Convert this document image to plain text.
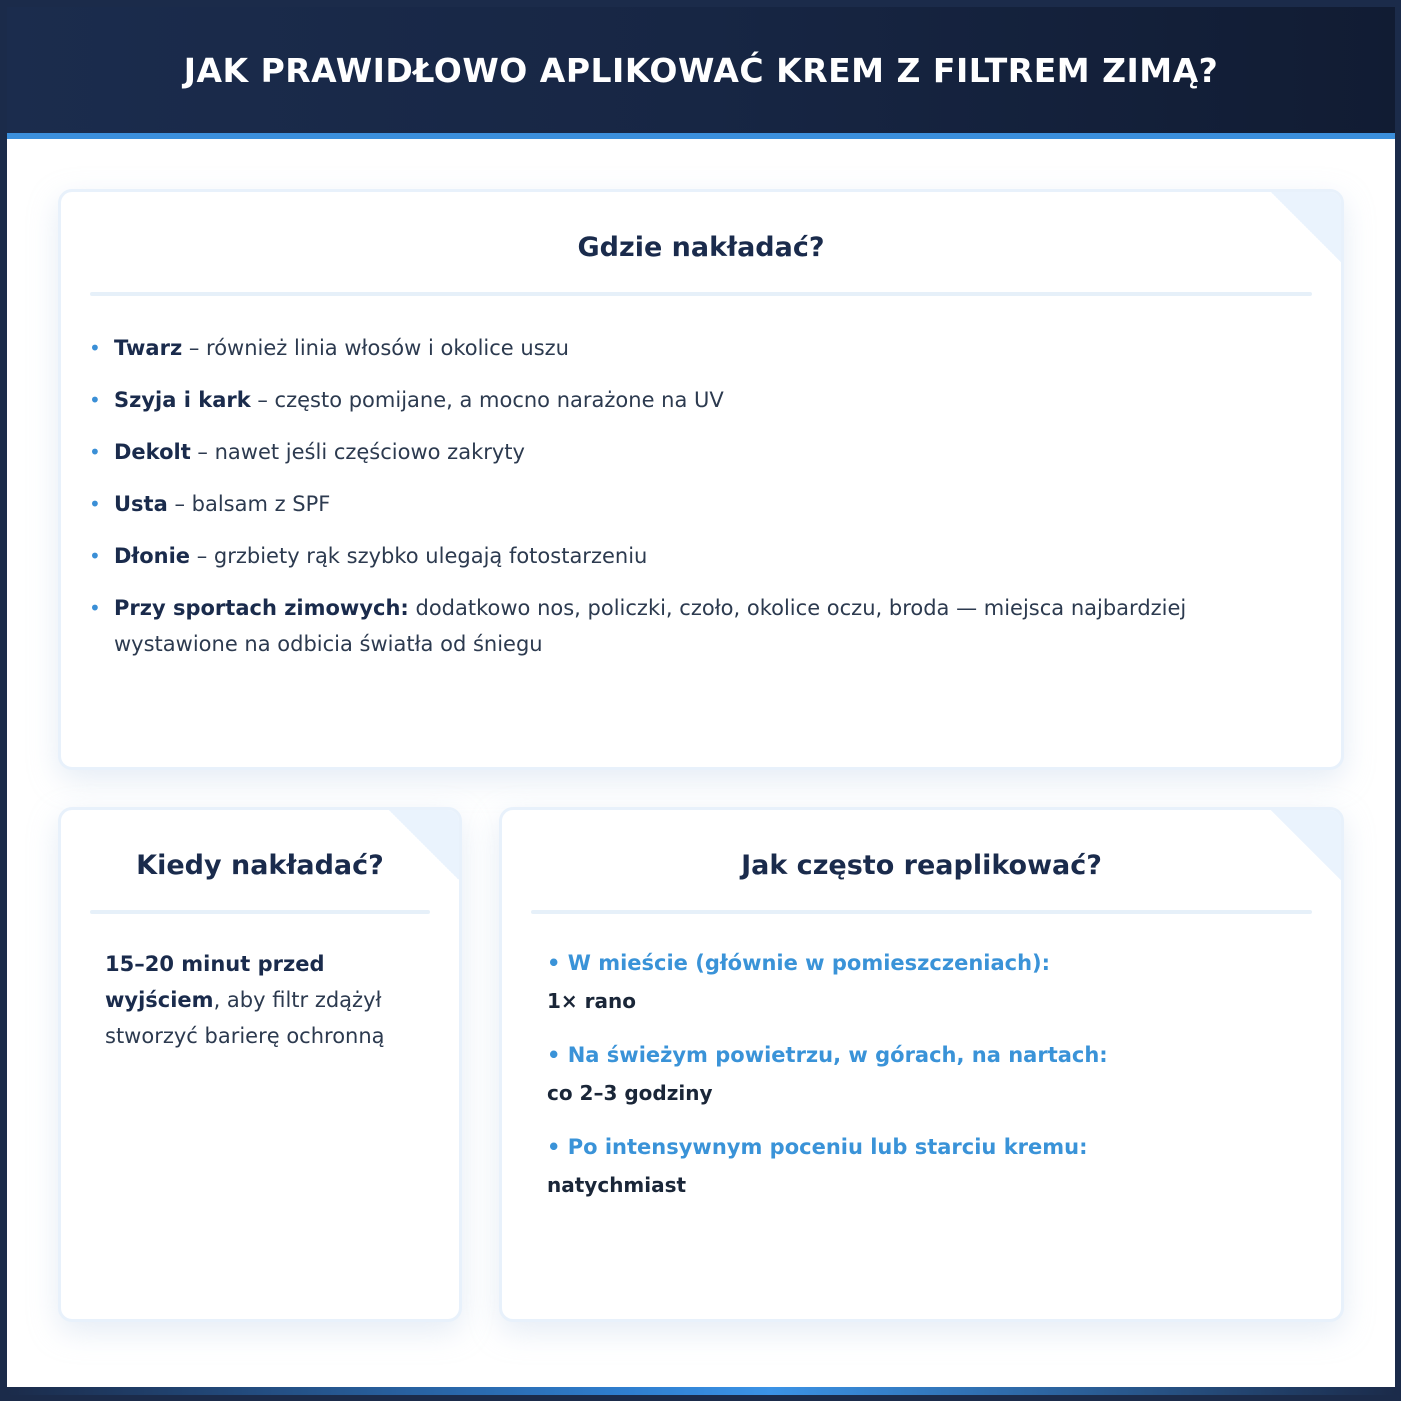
JAK PRAWIDŁOWO APLIKOWAĆ KREM Z FILTREM ZIMĄ?
Gdzie nakładać?
• Twarz – również linia włosów i okolice uszu
• Szyja i kark – często pomijane, a mocno narażone na UV
• Dekolt – nawet jeśli częściowo zakryty
• Usta – balsam z SPF
• Dłonie – grzbiety rąk szybko ulegają fotostarzeniu
• Przy sportach zimowych: dodatkowo nos, policzki, czoło, okolice oczu, broda — miejsca najbardziej wystawione na odbicia światła od śniegu
Kiedy nakładać?

15–20 minut przed wyjściem, aby filtr zdążył stworzyć barierę ochronną

Jak często reaplikować?
• W mieście (głównie w pomieszczeniach):
1× rano
• Na świeżym powietrzu, w górach, na nartach:
co 2–3 godziny
• Po intensywnym poceniu lub starciu kremu:
natychmiast
